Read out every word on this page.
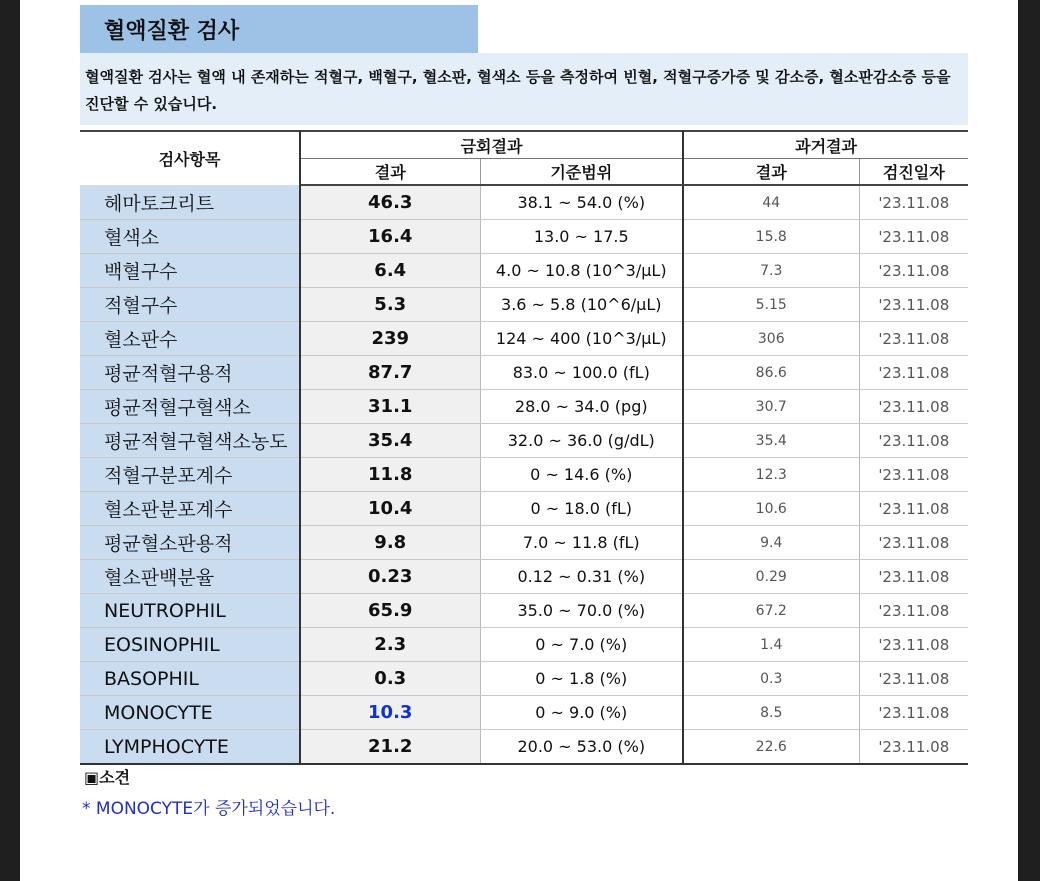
혈액질환 검사
혈액질환 검사는 혈액 내 존재하는 적혈구, 백혈구, 혈소판, 혈색소 등을 측정하여 빈혈, 적혈구증가증 및 감소증, 혈소판감소증 등을 진단할 수 있습니다.
검사항목	금회결과		과거결과	
	결과	기준범위	결과	검진일자
헤마토크리트	46.3	38.1 ~ 54.0 (%)	44	'23.11.08
혈색소	16.4	13.0 ~ 17.5	15.8	'23.11.08
백혈구수	6.4	4.0 ~ 10.8 (10^3/μL)	7.3	'23.11.08
적혈구수	5.3	3.6 ~ 5.8 (10^6/μL)	5.15	'23.11.08
혈소판수	239	124 ~ 400 (10^3/μL)	306	'23.11.08
평균적혈구용적	87.7	83.0 ~ 100.0 (fL)	86.6	'23.11.08
평균적혈구혈색소	31.1	28.0 ~ 34.0 (pg)	30.7	'23.11.08
평균적혈구혈색소농도	35.4	32.0 ~ 36.0 (g/dL)	35.4	'23.11.08
적혈구분포계수	11.8	0 ~ 14.6 (%)	12.3	'23.11.08
혈소판분포계수	10.4	0 ~ 18.0 (fL)	10.6	'23.11.08
평균혈소판용적	9.8	7.0 ~ 11.8 (fL)	9.4	'23.11.08
혈소판백분율	0.23	0.12 ~ 0.31 (%)	0.29	'23.11.08
NEUTROPHIL	65.9	35.0 ~ 70.0 (%)	67.2	'23.11.08
EOSINOPHIL	2.3	0 ~ 7.0 (%)	1.4	'23.11.08
BASOPHIL	0.3	0 ~ 1.8 (%)	0.3	'23.11.08
MONOCYTE	10.3	0 ~ 9.0 (%)	8.5	'23.11.08
LYMPHOCYTE	21.2	20.0 ~ 53.0 (%)	22.6	'23.11.08
▣소견
* MONOCYTE가 증가되었습니다.
